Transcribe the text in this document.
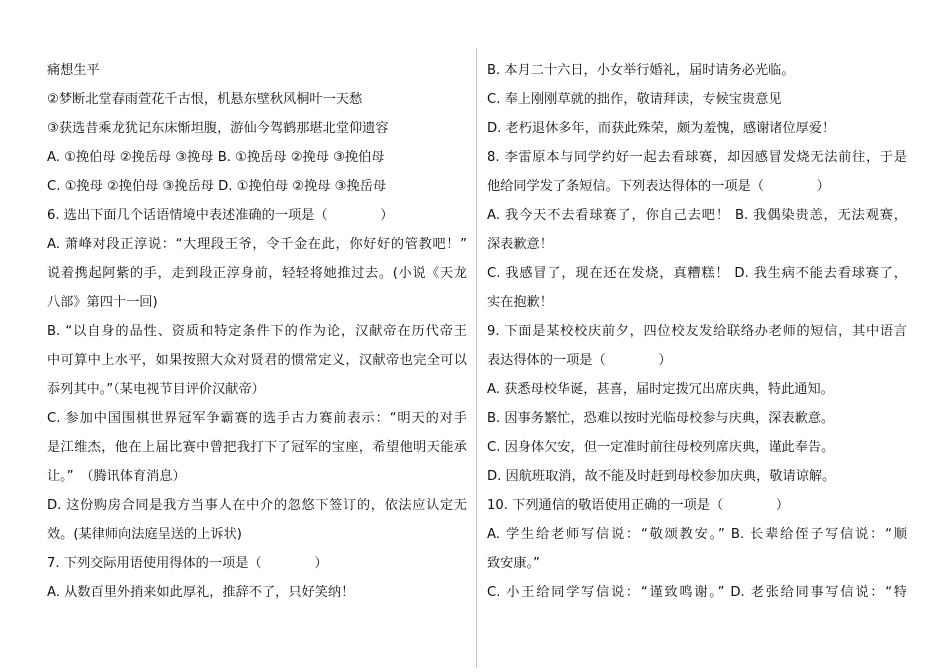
痛想生平
②梦断北堂春雨萱花千古恨，机悬东壁秋风桐叶一天愁
③获选昔乘龙犹记东床惭坦腹，游仙今驾鹤那堪北堂仰遗容
A. ①挽伯母 ②挽岳母 ③挽母 B. ①挽岳母 ②挽母 ③挽伯母
C. ①挽母 ②挽伯母 ③挽岳母 D. ①挽伯母 ②挽母 ③挽岳母
6. 选出下面几个话语情境中表述准确的一项是（　　　　）
A. 萧峰对段正淳说：“大理段王爷，令千金在此，你好好的管教吧！”
说着携起阿紫的手，走到段正淳身前，轻轻将她推过去。(小说《天龙
八部》第四十一回)
B. “以自身的品性、资质和特定条件下的作为论，汉献帝在历代帝王
中可算中上水平，如果按照大众对贤君的惯常定义，汉献帝也完全可以
忝列其中。”（某电视节目评价汉献帝）
C. 参加中国围棋世界冠军争霸赛的选手古力赛前表示：“明天的对手
是江维杰，他在上届比赛中曾把我打下了冠军的宝座，希望他明天能承
让。”　（腾讯体育消息）
D. 这份购房合同是我方当事人在中介的忽悠下签订的，依法应认定无
效。(某律师向法庭呈送的上诉状)
7. 下列交际用语使用得体的一项是（　　　　）
A. 从数百里外捎来如此厚礼，推辞不了，只好笑纳！
B. 本月二十六日，小女举行婚礼，届时请务必光临。
C. 奉上刚刚草就的拙作，敬请拜读，专候宝贵意见
D. 老朽退休多年，而获此殊荣，颇为羞愧，感谢诸位厚爱！
8. 李雷原本与同学约好一起去看球赛，却因感冒发烧无法前往，于是
他给同学发了条短信。下列表达得体的一项是（　　　　）
A. 我今天不去看球赛了，你自己去吧！ B. 我偶染贵恙，无法观赛，
深表歉意！
C. 我感冒了，现在还在发烧，真糟糕！ D. 我生病不能去看球赛了，
实在抱歉！
9. 下面是某校校庆前夕，四位校友发给联络办老师的短信，其中语言
表达得体的一项是（　　　　）
A. 获悉母校华诞，甚喜，届时定拨冗出席庆典，特此通知。
B. 因事务繁忙，恐难以按时光临母校参与庆典，深表歉意。
C. 因身体欠安，但一定准时前往母校列席庆典，谨此奉告。
D. 因航班取消，故不能及时赶到母校参加庆典，敬请谅解。
10. 下列通信的敬语使用正确的一项是（　　　　）
A. 学生给老师写信说：“敬颂教安。” B. 长辈给侄子写信说：“顺
致安康。”
C. 小王给同学写信说：“谨致鸣谢。” D. 老张给同事写信说：“特
